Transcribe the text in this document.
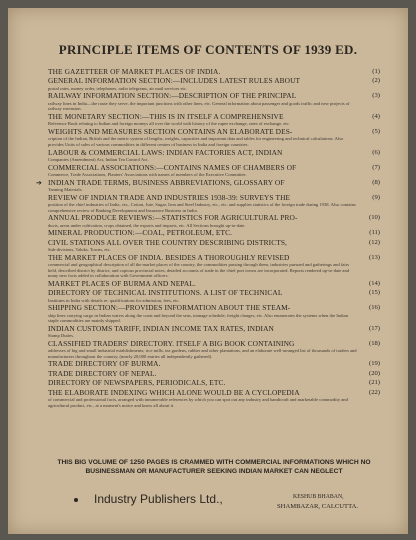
PRINCIPLE ITEMS OF CONTENTS OF 1939 ED.
THE GAZETTEER OF MARKET PLACES OF INDIA.	(1)
GENERAL INFORMATION SECTION:—INCLUDES LATEST RULES ABOUT
postal rates, money order, telephones, radio telegrams, air mail services etc.
(2)
RAILWAY INFORMATION SECTION:—DESCRIPTION OF THE PRINCIPAL
railway lines in India—the route they serve, the important junctions with other lines, etc. General information about passenger and goods traffic and new projects of railway extension.
(3)
THE MONETARY SECTION:—THIS IS IN ITSELF A COMPREHENSIVE
Reference Book relating to Indian and foreign moneys all over the world with history of the rupee exchange, rates of exchange, etc.
(4)
WEIGHTS AND MEASURES SECTION CONTAINS AN ELABORATE DES-
cription of the Indian, British and the metric system of lengths, weights, capacities and important data and tables for engineering and technical calculations. Also provides Units of sales of various commodities in different centres of business in India and foreign countries.
(5)
LABOUR & COMMERCIAL LAWS: INDIAN FACTORIES ACT, INDIAN
Companies (Amendment) Act, Indian Tea Control Act.
(6)
COMMERCIAL ASSOCIATIONS:—CONTAINS NAMES OF CHAMBERS OF
Commerce, Trade Associations, Planters' Associations with names of members of the Executive Committee.
(7)
➔ INDIAN TRADE TERMS, BUSINESS ABBREVIATIONS, GLOSSARY OF
Tanning Materials.
(8)
REVIEW OF INDIAN TRADE AND INDUSTRIES 1938-39: SURVEYS THE
position of the chief industries of India, viz., Cotton, Jute, Sugar, Iron and Steel Industry, etc., etc. and supplies statistics of the foreign trade during 1938. Also contains comprehensive review of Banking Development and Insurance Business in India.
(9)
ANNUAL PRODUCE REVIEWS:—STATISTICS FOR AGRICULTURAL PRO-
ducts, areas under cultivation, crops obtained, the exports and imports, etc. All Sections brought up-to-date.
(10)
MINERAL PRODUCTION:—COAL, PETROLEUM, ETC.	(11)
CIVIL STATIONS ALL OVER THE COUNTRY DESCRIBING DISTRICTS,
Sub-divisions, Taluks, Towns, etc.
(12)
THE MARKET PLACES OF INDIA. BESIDES A THOROUGHLY REVISED
commercial and geographical description of all the market places of the country, the commodities passing through them, industries pursued and gatherings and fairs held, described district by district; and copious provincial notes, detailed accounts of trade in the chief port towns are incorporated. Reports rendered up-to-date and many new facts added in collaboration with Government officers.
(13)
MARKET PLACES OF BURMA AND NEPAL.	(14)
DIRECTORY OF TECHNICAL INSTITUTIONS. A LIST OF TECHNICAL
Institutes in India with details re: qualifications for admission, fees, etc.
(15)
SHIPPING SECTION:—PROVIDES INFORMATION ABOUT THE STEAM-
ship lines carrying cargo in Indian waters along the coast and beyond the seas, tonnage schedule, freight charges, etc. Also enumerates the systems when the Indian staple commodities are mainly shipped.
(16)
INDIAN CUSTOMS TARIFF, INDIAN INCOME TAX RATES, INDIAN
Stamp Duties.
(17)
CLASSIFIED TRADERS' DIRECTORY. ITSELF A BIG BOOK CONTAINING
addresses of big and small industrial establishments; rice mills, tea gardens, rubber and other plantations, and an elaborate well-arranged list of thousands of traders and manufacturers throughout the country, (nearly 20,000 entries all independently gathered).
(18)
TRADE DIRECTORY OF BURMA.	(19)
TRADE DIRECTORY OF NEPAL.	(20)
DIRECTORY OF NEWSPAPERS, PERIODICALS, ETC.	(21)
THE ELABORATE INDEXING WHICH ALONE WOULD BE A CYCLOPEDIA
of commercial and professional facts, arranged with innumerable references by which you can spot out any industry and handicraft and marketable commodity and agricultural product, etc., at a moment's notice and know all about it.
(22)
THIS BIG VOLUME OF 1250 PAGES IS CRAMMED WITH COMMERCIAL INFORMATIONS WHICH NO BUSINESSMAN OR MANUFACTURER SEEKING INDIAN MARKET CAN NEGLECT
Industry Publishers Ltd.,	KESHUB BHABAN,
SHAMBAZAR, CALCUTTA.
